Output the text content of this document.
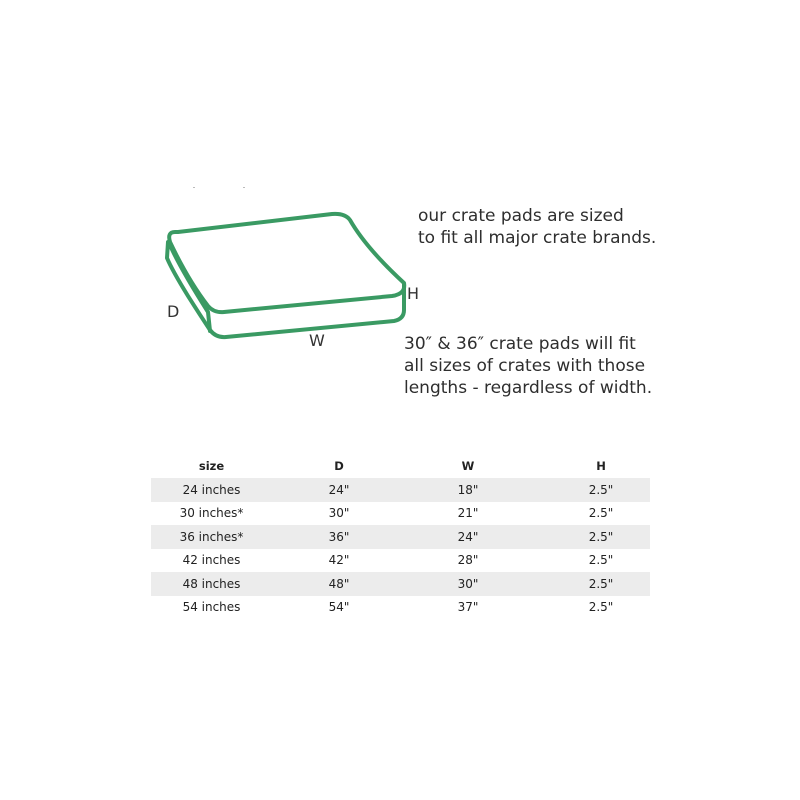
H
D
W
our crate pads are sized
to fit all major crate brands.
30″ & 36″ crate pads will fit
all sizes of crates with those
lengths - regardless of width.
size	D	W	H
24 inches	24"	18"	2.5"
30 inches*	30"	21"	2.5"
36 inches*	36"	24"	2.5"
42 inches	42"	28"	2.5"
48 inches	48"	30"	2.5"
54 inches	54"	37"	2.5"
